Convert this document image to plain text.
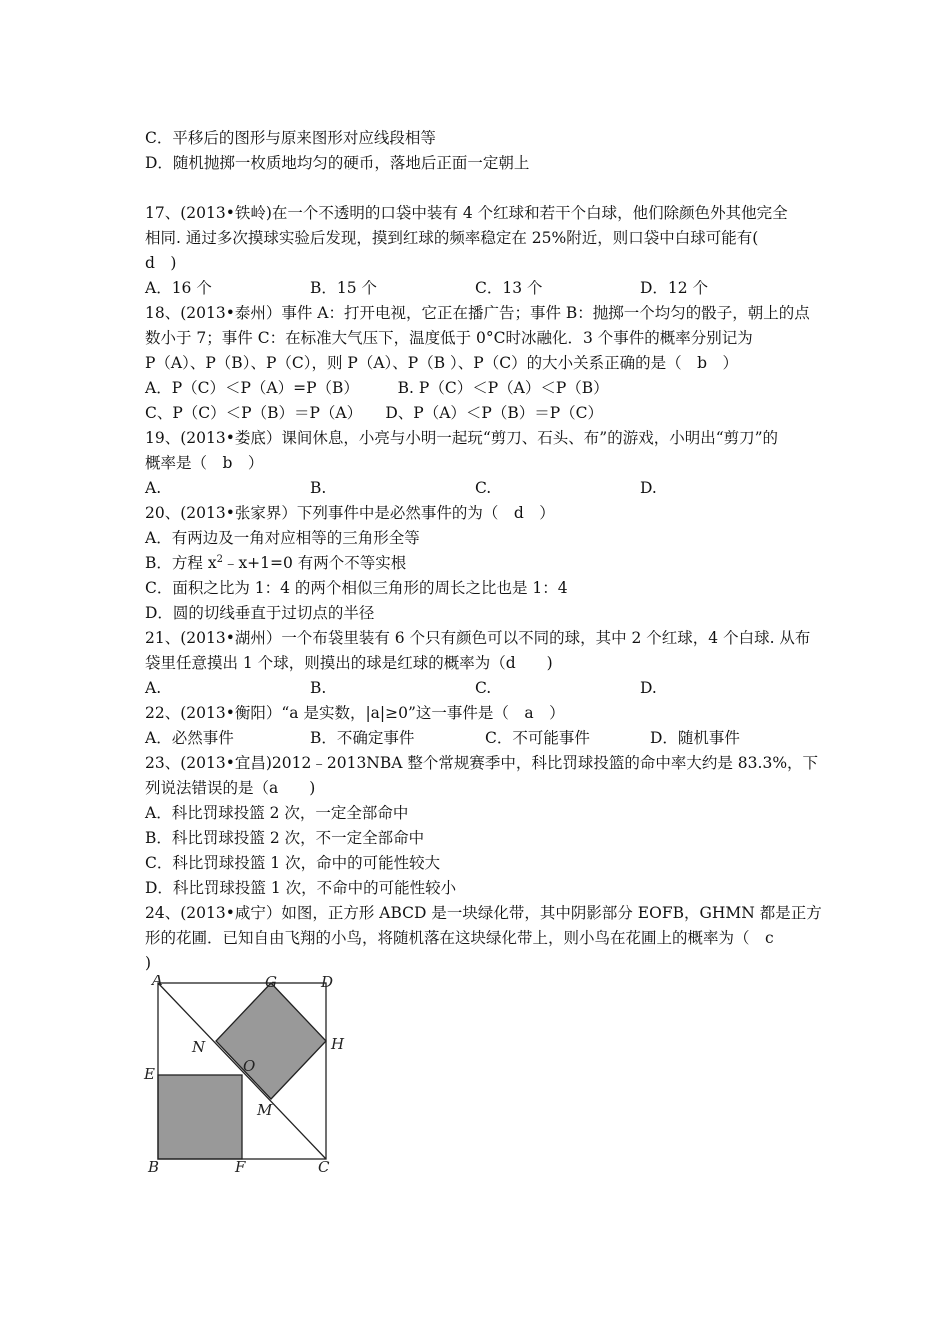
C．平移后的图形与原来图形对应线段相等
D．随机抛掷一枚质地均匀的硬币，落地后正面一定朝上
17、(2013•铁岭)在一个不透明的口袋中装有 4 个红球和若干个白球，他们除颜色外其他完全
相同. 通过多次摸球实验后发现，摸到红球的频率稳定在 25%附近，则口袋中白球可能有(
d　)
A．16 个	B．15 个	C．13 个	D．12 个
18、(2013•泰州）事件 A：打开电视，它正在播广告；事件 B：抛掷一个均匀的骰子，朝上的点
数小于 7；事件 C：在标准大气压下，温度低于 0°C时冰融化．3 个事件的概率分别记为
P（A）、P（B）、P（C），则 P（A）、P（B ）、P（C）的大小关系正确的是（　b　）
A．P（C）＜P（A）=P（B）　　　B. P（C）＜P（A）＜P（B）
C、P（C）＜P（B）＝P（A）　　D、P（A）＜P（B）＝P（C）
19、(2013•娄底）课间休息，小亮与小明一起玩“剪刀、石头、布”的游戏，小明出“剪刀”的
概率是（　b　）
A.	B.	C.	D.
20、(2013•张家界）下列事件中是必然事件的为（　d　）
A．有两边及一角对应相等的三角形全等
B．方程 $x^2﹣x+1=0$ 有两个不等实根
C．面积之比为 1：4 的两个相似三角形的周长之比也是 1：4
D．圆的切线垂直于过切点的半径
21、(2013•湖州）一个布袋里装有 6 个只有颜色可以不同的球，其中 2 个红球，4 个白球. 从布
袋里任意摸出 1 个球，则摸出的球是红球的概率为（d　　)
A.	B.	C.	D.
22、(2013•衡阳）“a 是实数，|a|≥0”这一事件是（　a　）
A．必然事件	B．不确定事件	C．不可能事件	D．随机事件
23、(2013•宜昌)2012﹣2013NBA 整个常规赛季中，科比罚球投篮的命中率大约是 83.3%，下
列说法错误的是（a　　)
A．科比罚球投篮 2 次，一定全部命中
B．科比罚球投篮 2 次，不一定全部命中
C．科比罚球投篮 1 次，命中的可能性较大
D．科比罚球投篮 1 次，不命中的可能性较小
24、(2013•咸宁）如图，正方形 ABCD 是一块绿化带，其中阴影部分 EOFB，GHMN 都是正方
形的花圃．已知自由飞翔的小鸟，将随机落在这块绿化带上，则小鸟在花圃上的概率为（　c
)
A	G	D
N	H
E	O
M
B	F	C
